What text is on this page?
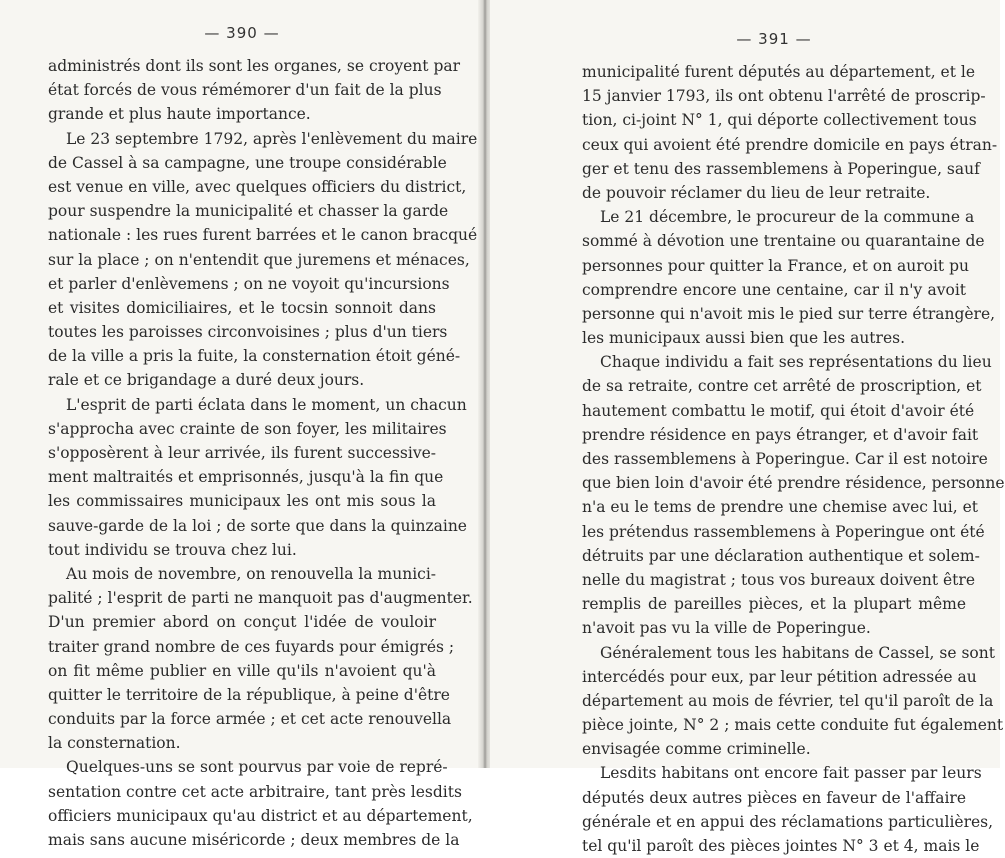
— 390 —
administrés dont ils sont les organes, se croyent par
état forcés de vous rémémorer d'un fait de la plus
grande et plus haute importance.
Le 23 septembre 1792, après l'enlèvement du maire
de Cassel à sa campagne, une troupe considérable
est venue en ville, avec quelques officiers du district,
pour suspendre la municipalité et chasser la garde
nationale : les rues furent barrées et le canon bracqué
sur la place ; on n'entendit que juremens et ménaces,
et parler d'enlèvemens ; on ne voyoit qu'incursions
et visites domiciliaires, et le tocsin sonnoit dans
toutes les paroisses circonvoisines ; plus d'un tiers
de la ville a pris la fuite, la consternation étoit géné-
rale et ce brigandage a duré deux jours.
L'esprit de parti éclata dans le moment, un chacun
s'approcha avec crainte de son foyer, les militaires
s'opposèrent à leur arrivée, ils furent successive-
ment maltraités et emprisonnés, jusqu'à la fin que
les commissaires municipaux les ont mis sous la
sauve-garde de la loi ; de sorte que dans la quinzaine
tout individu se trouva chez lui.
Au mois de novembre, on renouvella la munici-
palité ; l'esprit de parti ne manquoit pas d'augmenter.
D'un premier abord on conçut l'idée de vouloir
traiter grand nombre de ces fuyards pour émigrés ;
on fit même publier en ville qu'ils n'avoient qu'à
quitter le territoire de la république, à peine d'être
conduits par la force armée ; et cet acte renouvella
la consternation.
Quelques-uns se sont pourvus par voie de repré-
sentation contre cet acte arbitraire, tant près lesdits
officiers municipaux qu'au district et au département,
mais sans aucune miséricorde ; deux membres de la
— 391 —
municipalité furent députés au département, et le
15 janvier 1793, ils ont obtenu l'arrêté de proscrip-
tion, ci-joint N° 1, qui déporte collectivement tous
ceux qui avoient été prendre domicile en pays étran-
ger et tenu des rassemblemens à Poperingue, sauf
de pouvoir réclamer du lieu de leur retraite.
Le 21 décembre, le procureur de la commune a
sommé à dévotion une trentaine ou quarantaine de
personnes pour quitter la France, et on auroit pu
comprendre encore une centaine, car il n'y avoit
personne qui n'avoit mis le pied sur terre étrangère,
les municipaux aussi bien que les autres.
Chaque individu a fait ses représentations du lieu
de sa retraite, contre cet arrêté de proscription, et
hautement combattu le motif, qui étoit d'avoir été
prendre résidence en pays étranger, et d'avoir fait
des rassemblemens à Poperingue. Car il est notoire
que bien loin d'avoir été prendre résidence, personne
n'a eu le tems de prendre une chemise avec lui, et
les prétendus rassemblemens à Poperingue ont été
détruits par une déclaration authentique et solem-
nelle du magistrat ; tous vos bureaux doivent être
remplis de pareilles pièces, et la plupart même
n'avoit pas vu la ville de Poperingue.
Généralement tous les habitans de Cassel, se sont
intercédés pour eux, par leur pétition adressée au
département au mois de février, tel qu'il paroît de la
pièce jointe, N° 2 ; mais cette conduite fut également
envisagée comme criminelle.
Lesdits habitans ont encore fait passer par leurs
députés deux autres pièces en faveur de l'affaire
générale et en appui des réclamations particulières,
tel qu'il paroît des pièces jointes N° 3 et 4, mais le
